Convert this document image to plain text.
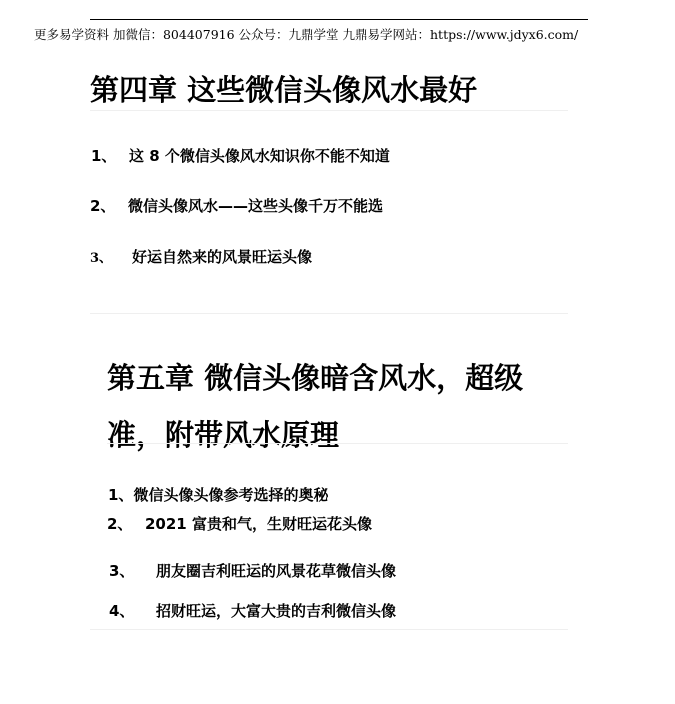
更多易学资料 加微信：804407916 公众号：九鼎学堂 九鼎易学网站：https://www.jdyx6.com/
第四章 这些微信头像风水最好
1、 这 8 个微信头像风水知识你不能不知道
2、 微信头像风水——这些头像千万不能选
3、 好运自然来的风景旺运头像
第五章 微信头像暗含风水，超级
准，附带风水原理
1、微信头像头像参考选择的奥秘
2、 2021 富贵和气，生财旺运花头像
3、 朋友圈吉利旺运的风景花草微信头像
4、 招财旺运，大富大贵的吉利微信头像
